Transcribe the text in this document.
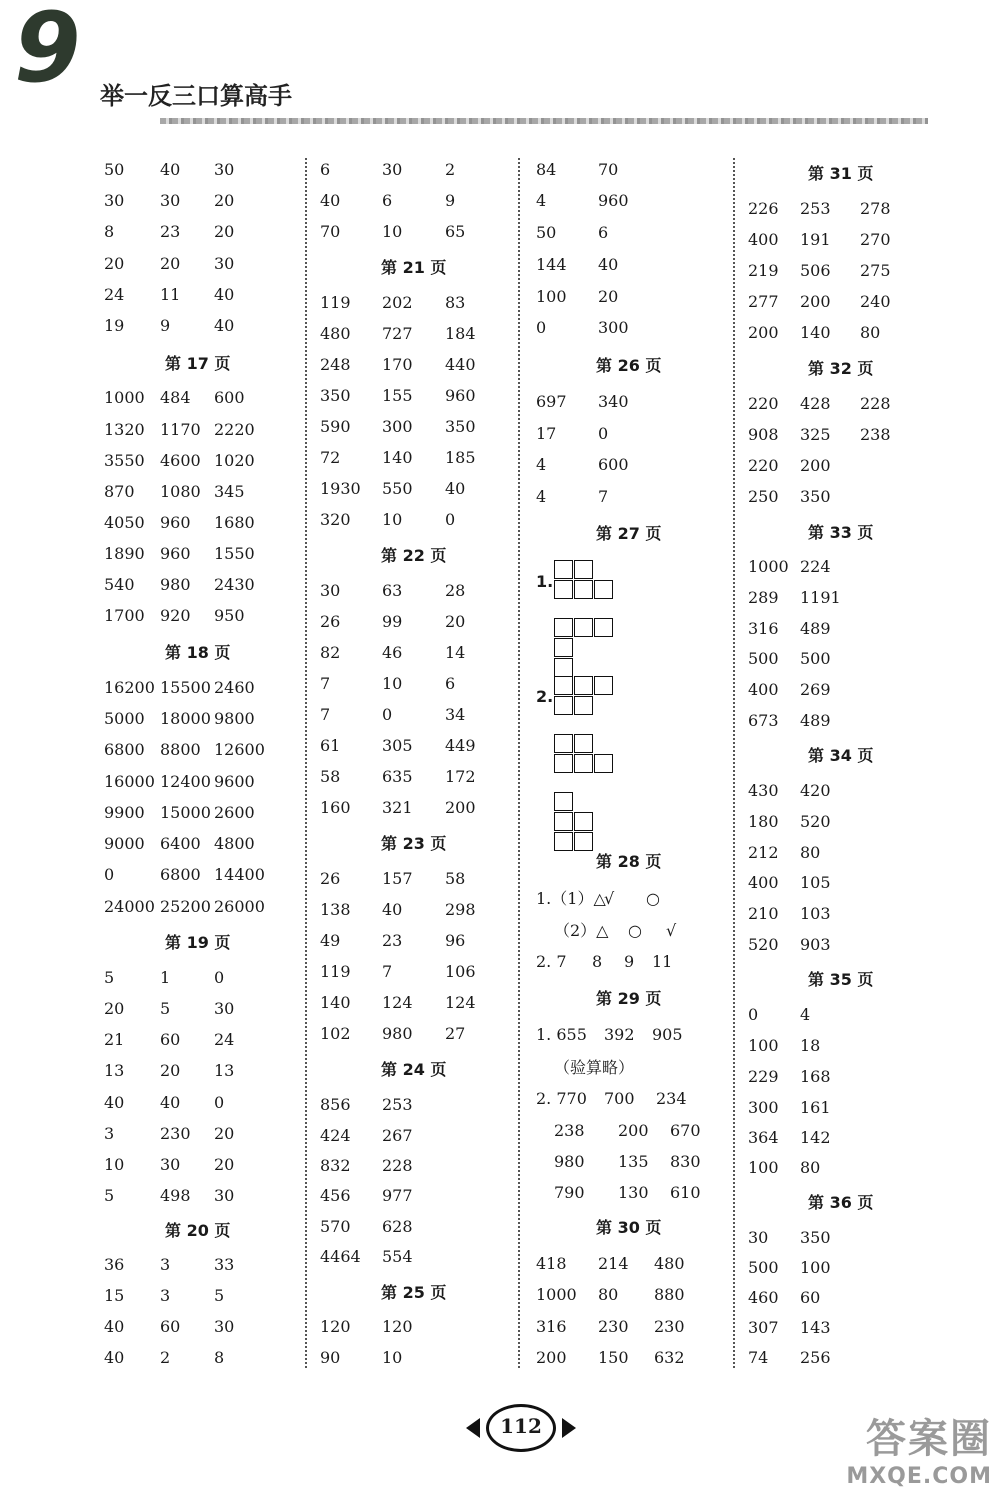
9 举一反三口算高手
112	答案圈
MXQE.COM
50 40 30
30 30 20
8	23 20
20 20 30
24 11 40
19 9	40
第 17 页
1000 484 600
1320 1170 2220
3550 4600 1020
870 1080 345
4050 960 1680
1890 960 1550
540 980 2430
1700 920 950
第 18 页
16200 15500 2460
5000 18000 9800
6800 8800 12600
16000 12400 9600
9900 15000 2600
9000 6400 4800
0	6800 14400
24000 25200 26000
第 19 页
5	1	0
20 5	30
21 60 24
13 20 13
40 40 0
3	230 20
10 30 20
5	498 30
第 20 页
36 3	33
15 3	5
40 60 30
40 2	8
6	30	2
40	6	9
70	10	65
第 21 页
119 202 83
480 727 184
248 170 440
350 155 960
590 300 350
72	140 185
1930 550 40
320 10	0
第 22 页
30	63	28
26	99	20
82	46	14
7	10	6
7	0	34
61	305 449
58	635 172
160 321 200
第 23 页
26	157 58
138 40	298
49	23	96
119 7	106
140 124 124
102 980 27
第 24 页
856 253
424 267
832 228
456 977
570 628
4464 554
第 25 页
120 120
90	10
84	70
4	960
50	6
144 40
100 20
0	300
第 26 页
697 340
17	0
4	600
4	7
第 27 页
1.
2.
第 28 页
1.（1）△
√ ○
（2）△ ○ √
2. 7 8 9 11
第 29 页
1. 655 392 905
（验算略）
2. 770 700 234
238 200 670
980 135 830
790 130 610
第 30 页
418 214 480
1000 80 880
316 230 230
200 150 632
第 31 页
226 253 278
400 191 270
219 506 275
277 200 240
200 140 80
第 32 页
220 428 228
908 325 238
220 200
250 350
第 33 页
1000 224
289 1191
316 489
500 500
400 269
673 489
第 34 页
430 420
180 520
212 80
400 105
210 103
520 903
第 35 页
0	4
100 18
229 168
300 161
364 142
100 80
第 36 页
30 350
500 100
460 60
307 143
74 256
